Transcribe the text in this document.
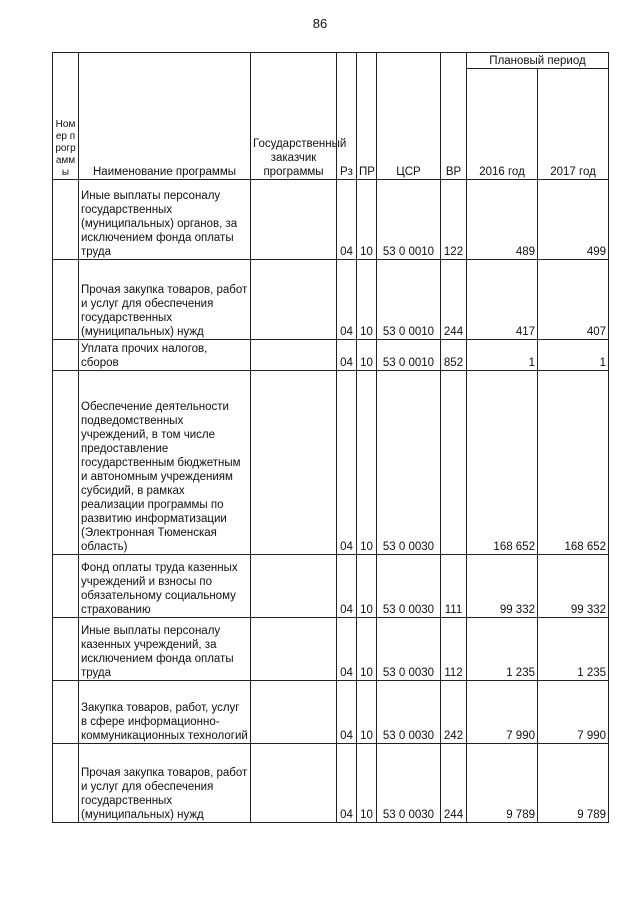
86
Номер программы	Наименование программы	Государственный заказчик программы	Рз	ПР	ЦСР	ВР	Плановый период	
							2016 год	2017 год
	Иные выплаты персоналу государственных (муниципальных) органов, за исключением фонда оплаты труда		04	10	53 0 0010	122	489	499
	Прочая закупка товаров, работ и услуг для обеспечения государственных (муниципальных) нужд		04	10	53 0 0010	244	417	407
	Уплата прочих налогов, сборов		04	10	53 0 0010	852	1	1
	Обеспечение деятельности подведомственных учреждений, в том числе предоставление государственным бюджетным и автономным учреждениям субсидий, в рамках реализации программы по развитию информатизации (Электронная Тюменская область)		04	10	53 0 0030		168 652	168 652
	Фонд оплаты труда казенных учреждений и взносы по обязательному социальному страхованию		04	10	53 0 0030	111	99 332	99 332
	Иные выплаты персоналу казенных учреждений, за исключением фонда оплаты труда		04	10	53 0 0030	112	1 235	1 235
	Закупка товаров, работ, услуг в сфере информационно-коммуникационных технологий		04	10	53 0 0030	242	7 990	7 990
	Прочая закупка товаров, работ и услуг для обеспечения государственных (муниципальных) нужд		04	10	53 0 0030	244	9 789	9 789
